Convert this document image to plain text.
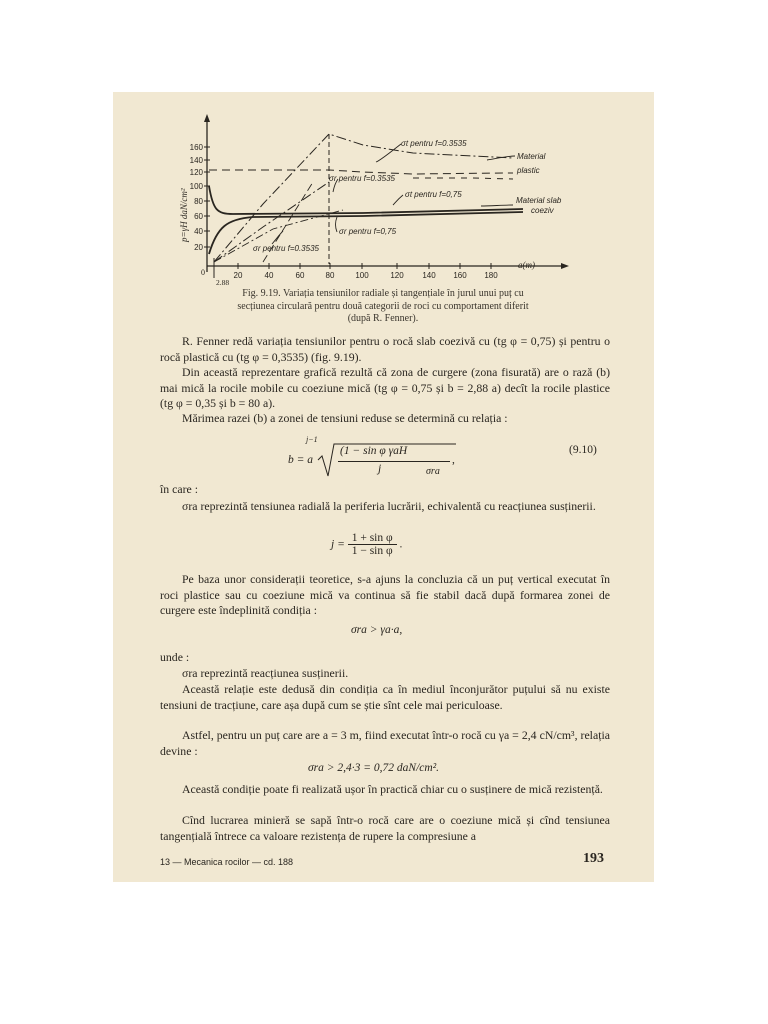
160
140
120
100
80
60
40
20
p=γH daN/cm²
20	40	60	80	100	120 140 160 180
a(m)
0
2.88
σt pentru f=0.3535
σr pentru f=0.3535
σt pentru f=0,75
σr pentru f=0,75
σr pentru f=0.3535
Material
plastic
Material slab
coeziv
Fig. 9.19. Variația tensiunilor radiale și tangențiale în jurul unui puț cu
secțiunea circulară pentru două categorii de roci cu comportament diferit
(după R. Fenner).
R. Fenner redă variația tensiunilor pentru o rocă slab coezivă cu (tg φ = 0,75) și pentru o rocă plastică cu (tg φ = 0,3535) (fig. 9.19).
Din această reprezentare grafică rezultă că zona de curgere (zona fisurată) are o rază (b) mai mică la rocile mobile cu coeziune mică (tg φ = 0,75 și b = 2,88 a) decît la rocile plastice (tg φ = 0,35 și b = 80 a).
Mărimea razei (b) a zonei de tensiuni reduse se determină cu relația :
j−1
b = a
(1 − sin φ γaH
j	σra
,
(9.10)
în care :
σra reprezintă tensiunea radială la periferia lucrării, echivalentă cu reacțiunea susținerii.
$j = \frac{\text{1 + sin φ}}{\text{1 − sin φ}}$ .
Pe baza unor considerații teoretice, s-a ajuns la concluzia că un puț vertical executat în roci plastice sau cu coeziune mică va continua să fie stabil dacă după formarea zonei de curgere este îndeplinită condiția :
σra > γa·a,
unde :
σra reprezintă reacțiunea susținerii.
Această relație este dedusă din condiția ca în mediul înconjurător puțului să nu existe tensiuni de tracțiune, care așa după cum se știe sînt cele mai periculoase.
Astfel, pentru un puț care are a = 3 m, fiind executat într-o rocă cu γa = 2,4 cN/cm³, relația devine :
σra > 2,4·3 = 0,72 daN/cm².
Această condiție poate fi realizată ușor în practică chiar cu o susținere de mică rezistență.
Cînd lucrarea minieră se sapă într-o rocă care are o coeziune mică și cînd tensiunea tangențială întrece ca valoare rezistența de rupere la compresiune a
13 — Mecanica rocilor — cd. 188	193
